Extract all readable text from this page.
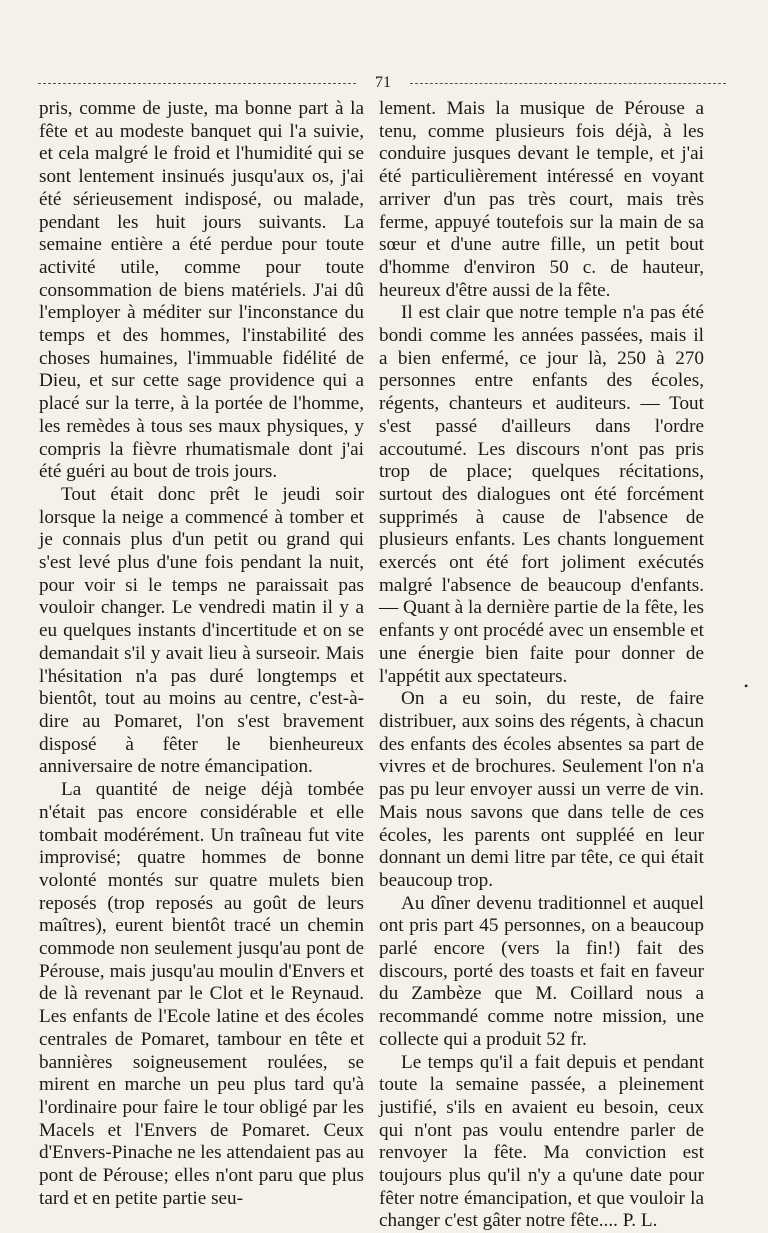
71

pris, comme de juste, ma bonne part à la fête et au modeste banquet qui l'a suivie, et cela malgré le froid et l'humidité qui se sont lentement insinués jusqu'aux os, j'ai été sérieusement indisposé, ou malade, pendant les huit jours suivants. La semaine entière a été perdue pour toute activité utile, comme pour toute consommation de biens matériels. J'ai dû l'employer à méditer sur l'inconstance du temps et des hommes, l'instabilité des choses humaines, l'immuable fidélité de Dieu, et sur cette sage providence qui a placé sur la terre, à la portée de l'homme, les remèdes à tous ses maux physiques, y compris la fièvre rhumatismale dont j'ai été guéri au bout de trois jours.

Tout était donc prêt le jeudi soir lorsque la neige a commencé à tomber et je connais plus d'un petit ou grand qui s'est levé plus d'une fois pendant la nuit, pour voir si le temps ne paraissait pas vouloir changer. Le vendredi matin il y a eu quelques instants d'incertitude et on se demandait s'il y avait lieu à surseoir. Mais l'hésitation n'a pas duré longtemps et bientôt, tout au moins au centre, c'est-à-dire au Pomaret, l'on s'est bravement disposé à fêter le bienheureux anniversaire de notre émancipation.

La quantité de neige déjà tombée n'était pas encore considérable et elle tombait modérément. Un traîneau fut vite improvisé; quatre hommes de bonne volonté montés sur quatre mulets bien reposés (trop reposés au goût de leurs maîtres), eurent bientôt tracé un chemin commode non seulement jusqu'au pont de Pérouse, mais jusqu'au moulin d'Envers et de là revenant par le Clot et le Reynaud. Les enfants de l'Ecole latine et des écoles centrales de Pomaret, tambour en tête et bannières soigneusement roulées, se mirent en marche un peu plus tard qu'à l'ordinaire pour faire le tour obligé par les Macels et l'Envers de Pomaret. Ceux d'Envers-Pinache ne les attendaient pas au pont de Pérouse; elles n'ont paru que plus tard et en petite partie seu-

lement. Mais la musique de Pérouse a tenu, comme plusieurs fois déjà, à les conduire jusques devant le temple, et j'ai été particulièrement intéressé en voyant arriver d'un pas très court, mais très ferme, appuyé toutefois sur la main de sa sœur et d'une autre fille, un petit bout d'homme d'environ 50 c. de hauteur, heureux d'être aussi de la fête.

Il est clair que notre temple n'a pas été bondi comme les années passées, mais il a bien enfermé, ce jour là, 250 à 270 personnes entre enfants des écoles, régents, chanteurs et auditeurs. — Tout s'est passé d'ailleurs dans l'ordre accoutumé. Les discours n'ont pas pris trop de place; quelques récitations, surtout des dialogues ont été forcément supprimés à cause de l'absence de plusieurs enfants. Les chants longuement exercés ont été fort joliment exécutés malgré l'absence de beaucoup d'enfants. — Quant à la dernière partie de la fête, les enfants y ont procédé avec un ensemble et une énergie bien faite pour donner de l'appétit aux spectateurs.

On a eu soin, du reste, de faire distribuer, aux soins des régents, à chacun des enfants des écoles absentes sa part de vivres et de brochures. Seulement l'on n'a pas pu leur envoyer aussi un verre de vin. Mais nous savons que dans telle de ces écoles, les parents ont suppléé en leur donnant un demi litre par tête, ce qui était beaucoup trop.

Au dîner devenu traditionnel et auquel ont pris part 45 personnes, on a beaucoup parlé encore (vers la fin!) fait des discours, porté des toasts et fait en faveur du Zambèze que M. Coillard nous a recommandé comme notre mission, une collecte qui a produit 52 fr.

Le temps qu'il a fait depuis et pendant toute la semaine passée, a pleinement justifié, s'ils en avaient eu besoin, ceux qui n'ont pas voulu entendre parler de renvoyer la fête. Ma conviction est toujours plus qu'il n'y a qu'une date pour fêter notre émancipation, et que vouloir la changer c'est gâter notre fête.... P. L.

•
